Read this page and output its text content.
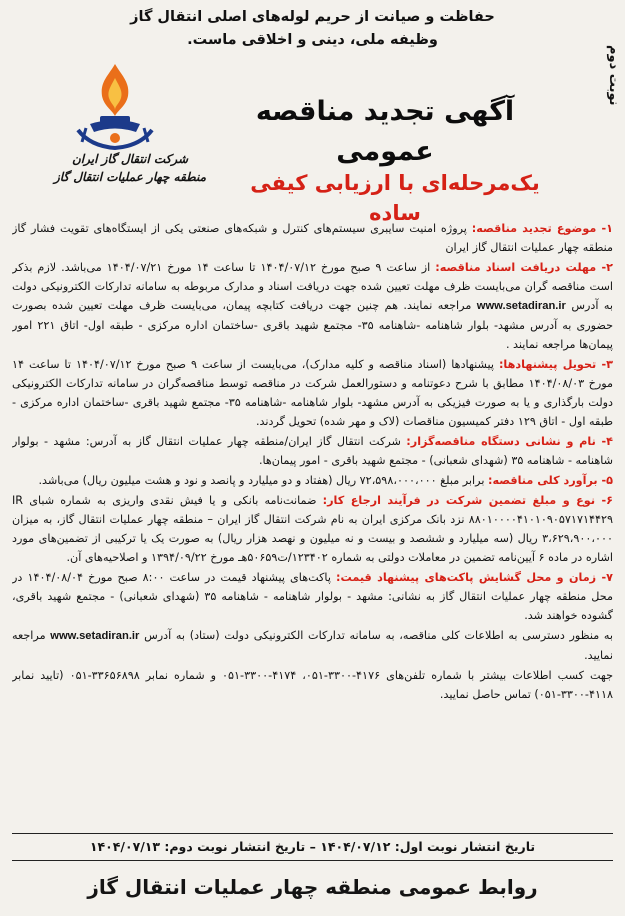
حفاظت و صیانت از حریم لوله‌های اصلی انتقال گاز
وظیفه ملی، دینی و اخلاقی ماست.
نوبت دوم
شرکت انتقال گاز ایران
منطقه چهار عملیات انتقال گاز
آگهی تجدید مناقصه عمومی
یک‌مرحله‌ای با ارزیابی کیفی ساده

۱- موضوع تجدید مناقصه: پروژه امنیت سایبری سیستم‌های کنترل و شبکه‌های صنعتی یکی از ایستگاه‌های تقویت فشار گاز منطقه چهار عملیات انتقال گاز ایران

۲- مهلت دریافت اسناد مناقصه: از ساعت ۹ صبح مورخ ۱۴۰۴/۰۷/۱۲ تا ساعت ۱۴ مورخ ۱۴۰۴/۰۷/۲۱ می‌باشد. لازم بذکر است مناقصه گران می‌بایست ظرف مهلت تعیین شده جهت دریافت اسناد و مدارک مربوطه به سامانه تدارکات الکترونیکی دولت به آدرس www.setadiran.ir مراجعه نمایند. هم چنین جهت دریافت کتابچه پیمان، می‌بایست ظرف مهلت تعیین شده بصورت حضوری به آدرس مشهد- بلوار شاهنامه -شاهنامه ۳۵- مجتمع شهید باقری -ساختمان اداره مرکزی - طبقه اول- اتاق ۲۲۱ امور پیمان‌ها مراجعه نمایند .

۳- تحویل پیشنهادها: پیشنهادها (اسناد مناقصه و کلیه مدارک)، می‌بایست از ساعت ۹ صبح مورخ ۱۴۰۴/۰۷/۱۲ تا ساعت ۱۴ مورخ ۱۴۰۴/۰۸/۰۳ مطابق با شرح دعوتنامه و دستورالعمل شرکت در مناقصه توسط مناقصه‌گران در سامانه تدارکات الکترونیکی دولت بارگذاری و یا به صورت فیزیکی به آدرس مشهد- بلوار شاهنامه -شاهنامه ۳۵- مجتمع شهید باقری -ساختمان اداره مرکزی - طبقه اول - اتاق ۱۲۹ دفتر کمیسیون مناقصات (لاک و مهر شده) تحویل گردند.

۴- نام و نشانی دستگاه مناقصه‌گزار: شرکت انتقال گاز ایران/منطقه چهار عملیات انتقال گاز به آدرس: مشهد - بولوار شاهنامه - شاهنامه ۳۵ (شهدای شعبانی) - مجتمع شهید باقری - امور پیمان‌ها.

۵- برآورد کلی مناقصه: برابر مبلغ ۷۲،۵۹۸،۰۰۰،۰۰۰ ریال (هفتاد و دو میلیارد و پانصد و نود و هشت میلیون ریال) می‌باشد.

۶- نوع و مبلغ تضمین شرکت در فرآیند ارجاع کار: ضمانت‌نامه بانکی و یا فیش نقدی واریزی به شماره شبای IR ۸۸۰۱۰۰۰۰۴۱۰۱۰۹۰۵۷۱۷۱۴۴۲۹ نزد بانک مرکزی ایران به نام شرکت انتقال گاز ایران – منطقه چهار عملیات انتقال گاز، به میزان ۳،۶۲۹،۹۰۰،۰۰۰ ریال (سه میلیارد و ششصد و بیست و نه میلیون و نهصد هزار ریال) به صورت یک یا ترکیبی از تضمین‌های مورد اشاره در ماده ۶ آیین‌نامه تضمین در معاملات دولتی به شماره ۱۲۳۴۰۲/ت۵۰۶۵۹هـ مورخ ۱۳۹۴/۰۹/۲۲ و اصلاحیه‌های آن.

۷- زمان و محل گشایش پاکت‌های پیشنهاد قیمت: پاکت‌های پیشنهاد قیمت در ساعت ۸:۰۰ صبح مورخ ۱۴۰۴/۰۸/۰۴ در محل منطقه چهار عملیات انتقال گاز به نشانی: مشهد - بولوار شاهنامه - شاهنامه ۳۵ (شهدای شعبانی) - مجتمع شهید باقری، گشوده خواهند شد.

به منظور دسترسی به اطلاعات کلی مناقصه، به سامانه تدارکات الکترونیکی دولت (ستاد) به آدرس www.setadiran.ir مراجعه نمایید.

جهت کسب اطلاعات بیشتر با شماره تلفن‌های ۴۱۷۶-۳۳۰۰-۰۵۱، ۴۱۷۴-۳۳۰۰-۰۵۱ و شماره نمابر ۳۳۶۵۶۸۹۸-۰۵۱ (تایید نمابر ۴۱۱۸-۳۳۰۰-۰۵۱) تماس حاصل نمایید.

تاریخ انتشار نوبت اول: ۱۴۰۴/۰۷/۱۲ – تاریخ انتشار نوبت دوم: ۱۴۰۴/۰۷/۱۳
روابط عمومی منطقه چهار عملیات انتقال گاز
